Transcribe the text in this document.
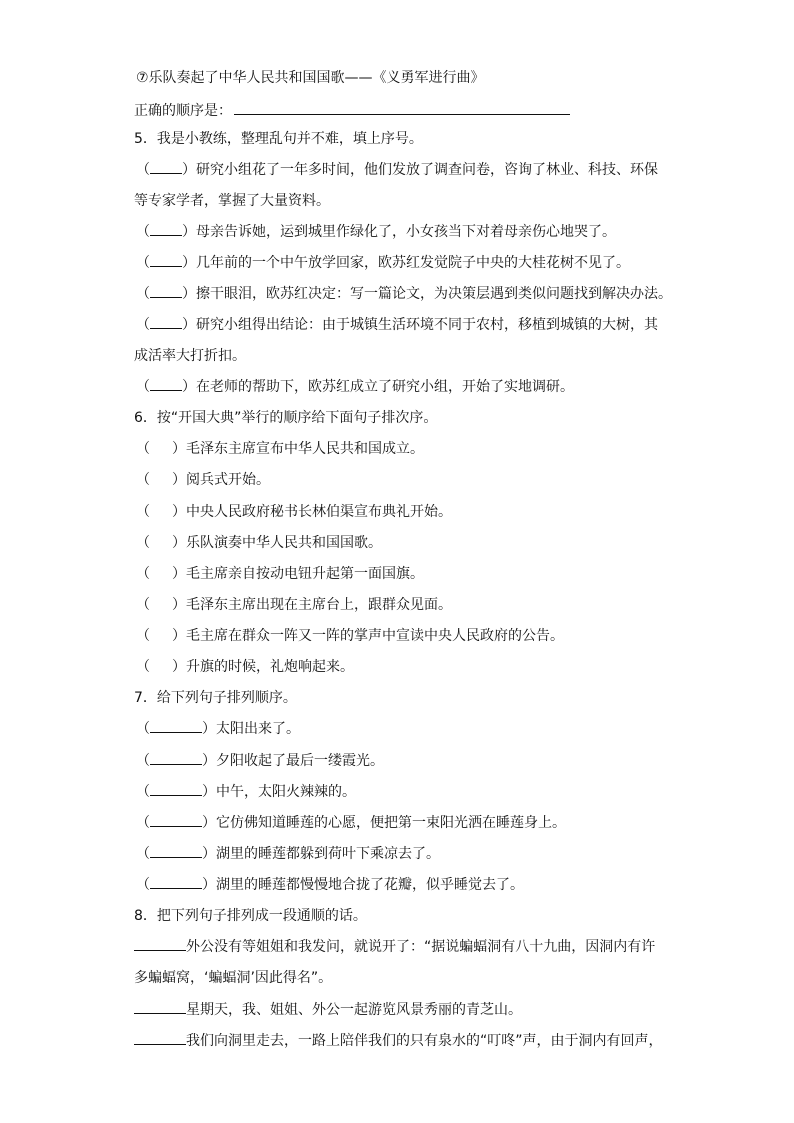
⑦乐队奏起了中华人民共和国国歌——《义勇军进行曲》
正确的顺序是：
5．我是小教练，整理乱句并不难，填上序号。
（ ）研究小组花了一年多时间，他们发放了调查问卷，咨询了林业、科技、环保
等专家学者，掌握了大量资料。
（ ）母亲告诉她，运到城里作绿化了，小女孩当下对着母亲伤心地哭了。
（ ）几年前的一个中午放学回家，欧苏红发觉院子中央的大桂花树不见了。
（ ）擦干眼泪，欧苏红决定：写一篇论文，为决策层遇到类似问题找到解决办法。
（ ）研究小组得出结论：由于城镇生活环境不同于农村，移植到城镇的大树，其
成活率大打折扣。
（ ）在老师的帮助下，欧苏红成立了研究小组，开始了实地调研。
6．按“开国大典”举行的顺序给下面句子排次序。
（ ）毛泽东主席宣布中华人民共和国成立。
（ ）阅兵式开始。
（ ）中央人民政府秘书长林伯渠宣布典礼开始。
（ ）乐队演奏中华人民共和国国歌。
（ ）毛主席亲自按动电钮升起第一面国旗。
（ ）毛泽东主席出现在主席台上，跟群众见面。
（ ）毛主席在群众一阵又一阵的掌声中宣读中央人民政府的公告。
（ ）升旗的时候，礼炮响起来。
7．给下列句子排列顺序。
（	）太阳出来了。
（	）夕阳收起了最后一缕霞光。
（	）中午，太阳火辣辣的。
（	）它仿佛知道睡莲的心愿，便把第一束阳光洒在睡莲身上。
（	）湖里的睡莲都躲到荷叶下乘凉去了。
（	）湖里的睡莲都慢慢地合拢了花瓣，似乎睡觉去了。
8．把下列句子排列成一段通顺的话。
外公没有等姐姐和我发问，就说开了：“据说蝙蝠洞有八十九曲，因洞内有许
多蝙蝠窝，‘蝙蝠洞’因此得名”。
星期天，我、姐姐、外公一起游览风景秀丽的青芝山。
我们向洞里走去，一路上陪伴我们的只有泉水的“叮咚”声，由于洞内有回声，
